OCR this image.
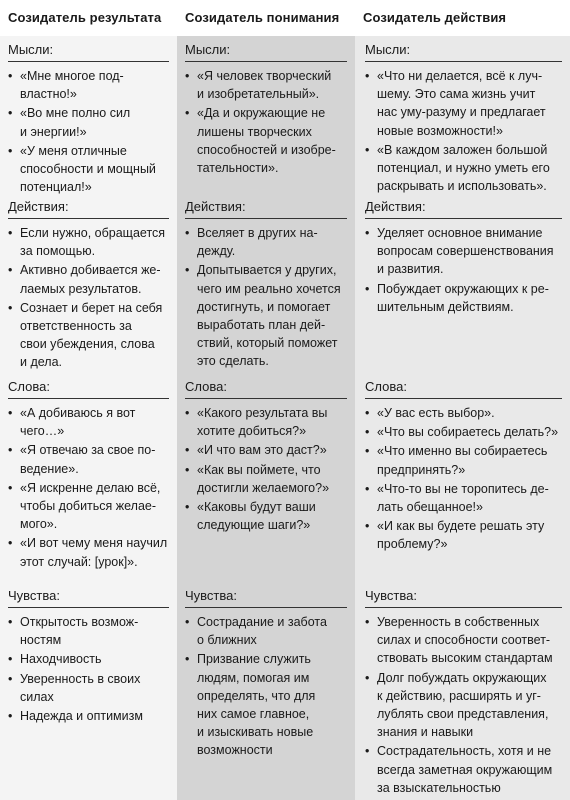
Созидатель результата
Мысли:
• «Мне многое под-
властно!»
• «Во мне полно сил
и энергии!»
• «У меня отличные
способности и мощный
потенциал!»
Действия:
• Если нужно, обращается
за помощью.
• Активно добивается же-
лаемых результатов.
• Сознает и берет на себя
ответственность за
свои убеждения, слова
и дела.
Слова:
• «А добиваюсь я вот
чего…»
• «Я отвечаю за свое по-
ведение».
• «Я искренне делаю всё,
чтобы добиться желае-
мого».
• «И вот чему меня научил
этот случай: [урок]».
Чувства:
• Открытость возмож-
ностям
• Находчивость
• Уверенность в своих
силах
• Надежда и оптимизм
Созидатель понимания
Мысли:
• «Я человек творческий
и изобретательный».
• «Да и окружающие не
лишены творческих
способностей и изобре-
тательности».
Действия:
• Вселяет в других на-
дежду.
• Допытывается у других,
чего им реально хочется
достигнуть, и помогает
выработать план дей-
ствий, который поможет
это сделать.
Слова:
• «Какого результата вы
хотите добиться?»
• «И что вам это даст?»
• «Как вы поймете, что
достигли желаемого?»
• «Каковы будут ваши
следующие шаги?»
Чувства:
• Сострадание и забота
о ближних
• Призвание служить
людям, помогая им
определять, что для
них самое главное,
и изыскивать новые
возможности
Созидатель действия
Мысли:
• «Что ни делается, всё к луч-
шему. Это сама жизнь учит
нас уму-разуму и предлагает
новые возможности!»
• «В каждом заложен большой
потенциал, и нужно уметь его
раскрывать и использовать».
Действия:
• Уделяет основное внимание
вопросам совершенствования
и развития.
• Побуждает окружающих к ре-
шительным действиям.
Слова:
• «У вас есть выбор».
• «Что вы собираетесь делать?»
• «Что именно вы собираетесь
предпринять?»
• «Что-то вы не торопитесь де-
лать обещанное!»
• «И как вы будете решать эту
проблему?»
Чувства:
• Уверенность в собственных
силах и способности соответ-
ствовать высоким стандартам
• Долг побуждать окружающих
к действию, расширять и уг-
лублять свои представления,
знания и навыки
• Сострадательность, хотя и не
всегда заметная окружающим
за взыскательностью
